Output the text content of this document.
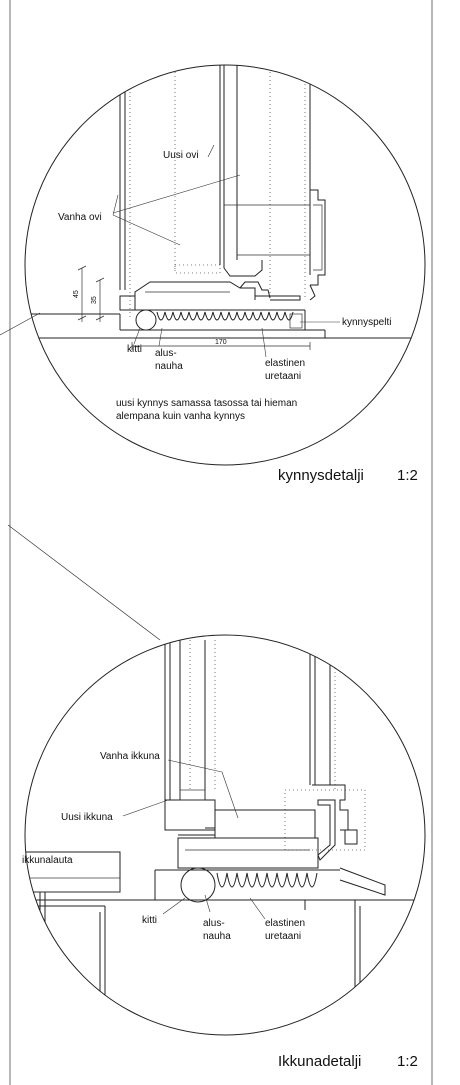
Uusi ovi
Vanha ovi
kynnyspelti
kitti alus-
nauha	elastinen
uretaani
45
35
170
uusi kynnys samassa tasossa tai hieman
alempana kuin vanha kynnys
kynnysdetalji 1:2
Vanha ikkuna
Uusi ikkuna
ikkunalauta
kitti	alus-
nauha
elastinen
uretaani
Ikkunadetalji 1:2
